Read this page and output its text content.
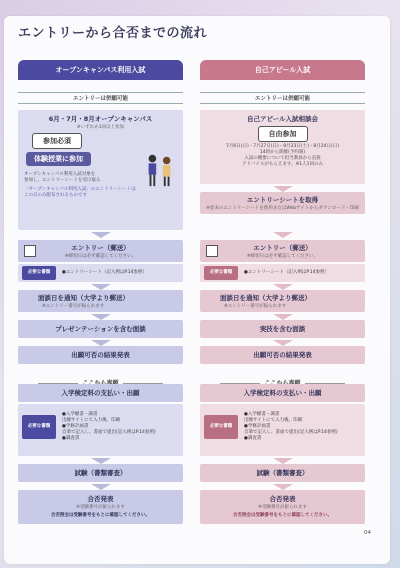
エントリーから合否までの流れ
オープンキャンパス利用入試
エントリーは併願可能
6月・7月・8月オープンキャンパス
※いずれか1回以上参加
参加必須
体験授業に参加
オープンキャンパス利用入試対象を
参加し、エントリーシートを受け取る
「オープンキャンパス利用入試」のエントリーシートは
この日のみ配布されるものです
エントリー（郵送）
※締切日は必ず確認してください。
必要な書類	●エントリーシート（記入例はP.14参照）
面談日を通知（大学より郵送）
※エントリー番号が振られます
プレゼンテーションを含む面談
出願可否の結果発表
入学検定料の支払い・出願
必要な書類
●入学願書・調書
出願サイトにて入力後、印刷
●学修計画書
自筆で記入し、書面で提出(記入例はP.14参照)
●調査書
試験（書類審査）
合否発表
※受験番号が振られます
合否照会は受験番号をもとに確認してください。
自己アピール入試
エントリーは併願可能
自己アピール入試相談会
自由参加
7月6日(日)・7月27日(日)・8月23日(土)・8月24日(日)
14時から開催(予約制)
入試の概要について担当教員から直接
アドバイスがもらえます。※1人1回のみ
エントリーシートを取得
※巻末のエントリーシートを使用またはWebサイトからダウンロード・印刷
エントリー（郵送）
※締切日は必ず確認してください。
必要な書類	●エントリーシート（記入例はP.14参照）
面談日を通知（大学より郵送）
※エントリー番号が振られます
実技を含む面談
出願可否の結果発表
入学検定料の支払い・出願
必要な書類
●入学願書・調書
出願サイトにて入力後、印刷
●学修計画書
自筆で記入し、書面で提出(記入例はP.14参照)
●調査書
試験（書類審査）
合否発表
※受験番号が振られます
合否照会は受験番号をもとに確認してください。
04
